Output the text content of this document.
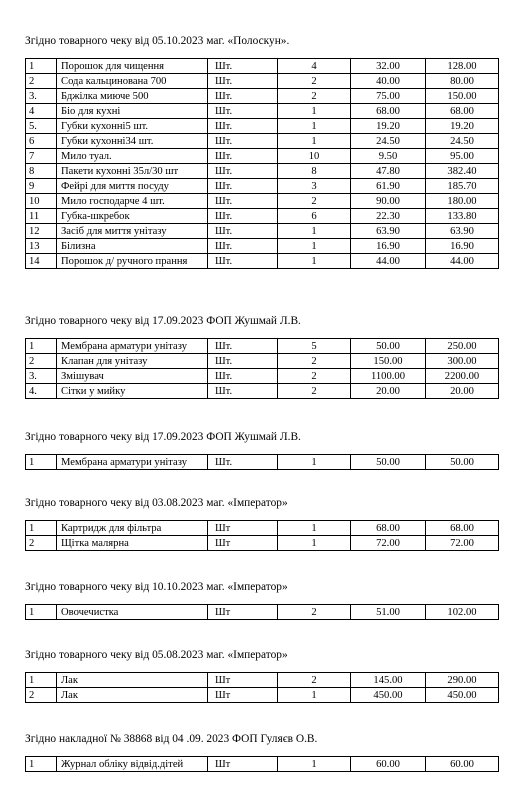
Згідно товарного чеку від 05.10.2023 маг. «Полоскун».
1	Порошок для чищення	Шт.	4	32.00	128.00
2	Сода кальцинована 700	Шт.	2	40.00	80.00
3.	Бджілка миюче 500	Шт.	2	75.00	150.00
4	Біо для кухні	Шт.	1	68.00	68.00
5.	Губки кухонні5 шт.	Шт.	1	19.20	19.20
6	Губки кухонні34 шт.	Шт.	1	24.50	24.50
7	Мило туал.	Шт.	10	9.50	95.00
8	Пакети кухонні 35л/30 шт	Шт.	8	47.80	382.40
9	Фейрі для миття посуду	Шт.	3	61.90	185.70
10	Мило господарче 4 шт.	Шт.	2	90.00	180.00
11	Губка-шкребок	Шт.	6	22.30	133.80
12	Засіб для миття унітазу	Шт.	1	63.90	63.90
13	Білизна	Шт.	1	16.90	16.90
14	Порошок д/ ручного прання	Шт.	1	44.00	44.00
Згідно товарного чеку від 17.09.2023 ФОП Жушмай Л.В.
1	Мембрана арматури унітазу	Шт.	5	50.00	250.00
2	Клапан для унітазу	Шт.	2	150.00	300.00
3.	Змішувач	Шт.	2	1100.00	2200.00
4.	Сітки у мийку	Шт.	2	20.00	20.00
Згідно товарного чеку від 17.09.2023 ФОП Жушмай Л.В.
1	Мембрана арматури унітазу	Шт.	1	50.00	50.00
Згідно товарного чеку від 03.08.2023 маг. «Імператор»
1	Картридж для фільтра	Шт	1	68.00	68.00
2	Щітка малярна	Шт	1	72.00	72.00
Згідно товарного чеку від 10.10.2023 маг. «Імператор»
1	Овочечистка	Шт	2	51.00	102.00
Згідно товарного чеку від 05.08.2023 маг. «Імператор»
1	Лак	Шт	2	145.00	290.00
2	Лак	Шт	1	450.00	450.00
Згідно накладної № 38868 від 04 .09. 2023 ФОП Гуляєв О.В.
1	Журнал обліку відвід.дітей	Шт	1	60.00	60.00
